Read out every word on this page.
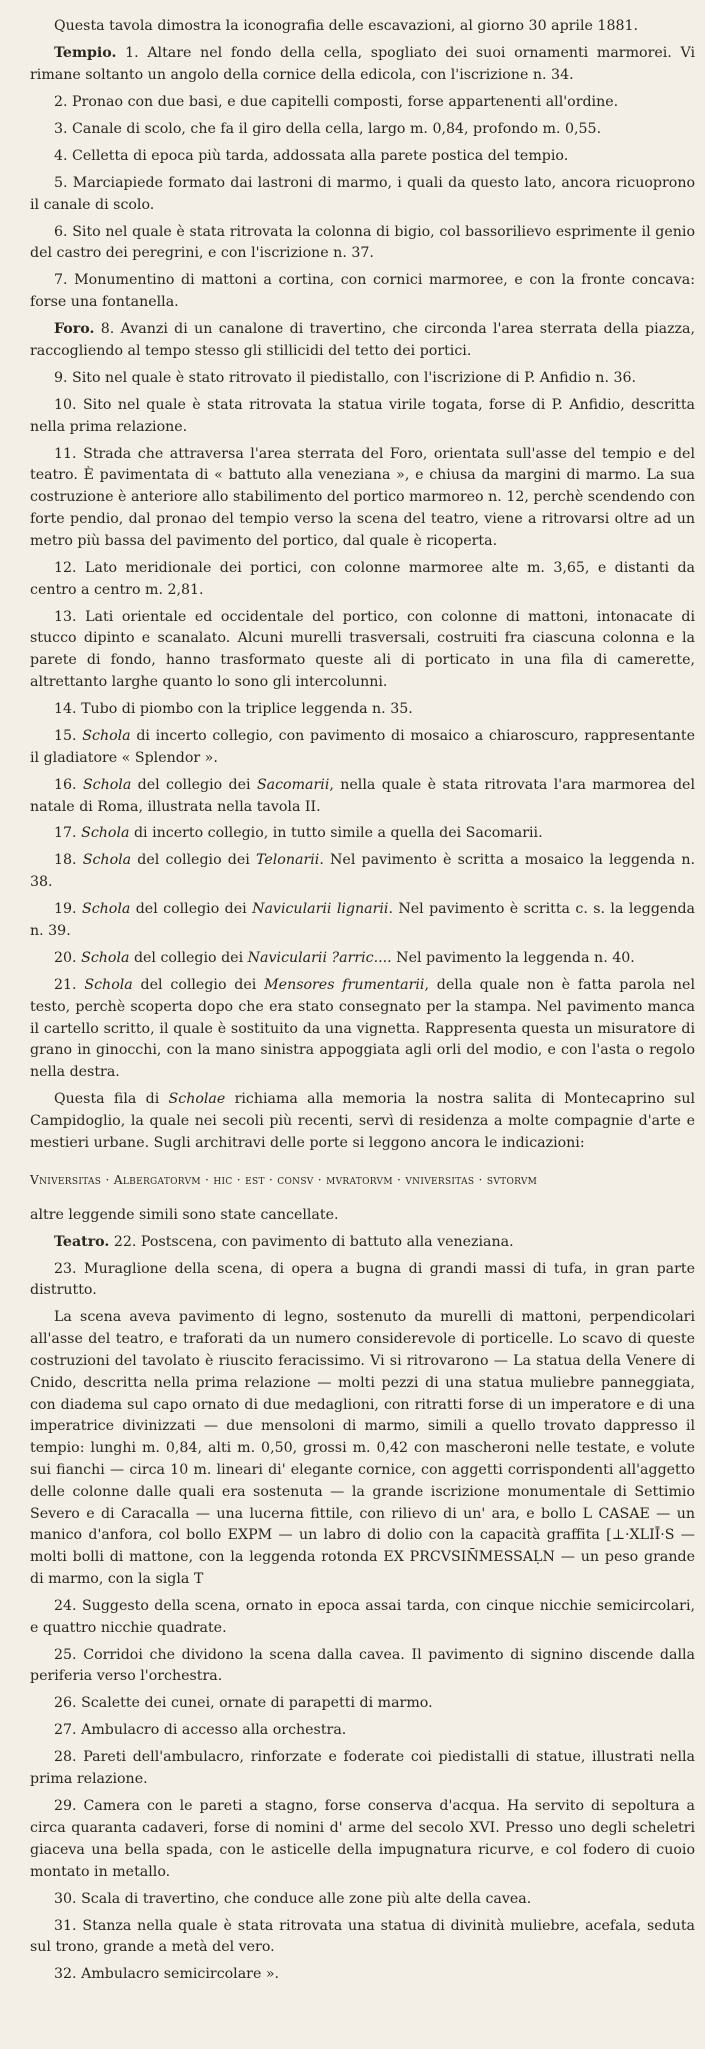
Questa tavola dimostra la iconografia delle escavazioni, al giorno 30 aprile 1881.

Tempio. 1. Altare nel fondo della cella, spogliato dei suoi ornamenti marmorei. Vi rimane soltanto un angolo della cornice della edicola, con l'iscrizione n. 34.

2. Pronao con due basi, e due capitelli composti, forse appartenenti all'ordine.

3. Canale di scolo, che fa il giro della cella, largo m. 0,84, profondo m. 0,55.

4. Celletta di epoca più tarda, addossata alla parete postica del tempio.

5. Marciapiede formato dai lastroni di marmo, i quali da questo lato, ancora ricuoprono il canale di scolo.

6. Sito nel quale è stata ritrovata la colonna di bigio, col bassorilievo esprimente il genio del castro dei peregrini, e con l'iscrizione n. 37.

7. Monumentino di mattoni a cortina, con cornici marmoree, e con la fronte concava: forse una fontanella.

Foro. 8. Avanzi di un canalone di travertino, che circonda l'area sterrata della piazza, raccogliendo al tempo stesso gli stillicidi del tetto dei portici.

9. Sito nel quale è stato ritrovato il piedistallo, con l'iscrizione di P. Anfidio n. 36.

10. Sito nel quale è stata ritrovata la statua virile togata, forse di P. Anfidio, descritta nella prima relazione.

11. Strada che attraversa l'area sterrata del Foro, orientata sull'asse del tempio e del teatro. È pavimentata di « battuto alla veneziana », e chiusa da margini di marmo. La sua costruzione è anteriore allo stabilimento del portico marmoreo n. 12, perchè scendendo con forte pendio, dal pronao del tempio verso la scena del teatro, viene a ritrovarsi oltre ad un metro più bassa del pavimento del portico, dal quale è ricoperta.

12. Lato meridionale dei portici, con colonne marmoree alte m. 3,65, e distanti da centro a centro m. 2,81.

13. Lati orientale ed occidentale del portico, con colonne di mattoni, intonacate di stucco dipinto e scanalato. Alcuni murelli trasversali, costruiti fra ciascuna colonna e la parete di fondo, hanno trasformato queste ali di porticato in una fila di camerette, altrettanto larghe quanto lo sono gli intercolunni.

14. Tubo di piombo con la triplice leggenda n. 35.

15. Schola di incerto collegio, con pavimento di mosaico a chiaroscuro, rappresentante il gladiatore « Splendor ».

16. Schola del collegio dei Sacomarii, nella quale è stata ritrovata l'ara marmorea del natale di Roma, illustrata nella tavola II.

17. Schola di incerto collegio, in tutto simile a quella dei Sacomarii.

18. Schola del collegio dei Telonarii. Nel pavimento è scritta a mosaico la leggenda n. 38.

19. Schola del collegio dei Navicularii lignarii. Nel pavimento è scritta c. s. la leggenda n. 39.

20. Schola del collegio dei Navicularii ?arric.... Nel pavimento la leggenda n. 40.

21. Schola del collegio dei Mensores frumentarii, della quale non è fatta parola nel testo, perchè scoperta dopo che era stato consegnato per la stampa. Nel pavimento manca il cartello scritto, il quale è sostituito da una vignetta. Rappresenta questa un misuratore di grano in ginocchi, con la mano sinistra appoggiata agli orli del modio, e con l'asta o regolo nella destra.

Questa fila di Scholae richiama alla memoria la nostra salita di Montecaprino sul Campidoglio, la quale nei secoli più recenti, servì di residenza a molte compagnie d'arte e mestieri urbane. Sugli architravi delle porte si leggono ancora le indicazioni:

Vniversitas · Albergatorvm · hic · est · consv · mvratorvm · vniversitas · svtorvm

altre leggende simili sono state cancellate.

Teatro. 22. Postscena, con pavimento di battuto alla veneziana.

23. Muraglione della scena, di opera a bugna di grandi massi di tufa, in gran parte distrutto.

La scena aveva pavimento di legno, sostenuto da murelli di mattoni, perpendicolari all'asse del teatro, e traforati da un numero considerevole di porticelle. Lo scavo di queste costruzioni del tavolato è riuscito feracissimo. Vi si ritrovarono — La statua della Venere di Cnido, descritta nella prima relazione — molti pezzi di una statua muliebre panneggiata, con diadema sul capo ornato di due medaglioni, con ritratti forse di un imperatore e di una imperatrice divinizzati — due mensoloni di marmo, simili a quello trovato dappresso il tempio: lunghi m. 0,84, alti m. 0,50, grossi m. 0,42 con mascheroni nelle testate, e volute sui fianchi — circa 10 m. lineari di' elegante cornice, con aggetti corrispondenti all'aggetto delle colonne dalle quali era sostenuta — la grande iscrizione monumentale di Settimio Severo e di Caracalla — una lucerna fittile, con rilievo di un' ara, e bollo L CASAE — un manico d'anfora, col bollo EXPM — un labro di dolio con la capacità graffita [⊥·XLIĪ·S — molti bolli di mattone, con la leggenda rotonda EX PRCVSIN̄MESSAḶN — un peso grande di marmo, con la sigla T

24. Suggesto della scena, ornato in epoca assai tarda, con cinque nicchie semicircolari, e quattro nicchie quadrate.

25. Corridoi che dividono la scena dalla cavea. Il pavimento di signino discende dalla periferia verso l'orchestra.

26. Scalette dei cunei, ornate di parapetti di marmo.

27. Ambulacro di accesso alla orchestra.

28. Pareti dell'ambulacro, rinforzate e foderate coi piedistalli di statue, illustrati nella prima relazione.

29. Camera con le pareti a stagno, forse conserva d'acqua. Ha servito di sepoltura a circa quaranta cadaveri, forse di nomini d' arme del secolo XVI. Presso uno degli scheletri giaceva una bella spada, con le asticelle della impugnatura ricurve, e col fodero di cuoio montato in metallo.

30. Scala di travertino, che conduce alle zone più alte della cavea.

31. Stanza nella quale è stata ritrovata una statua di divinità muliebre, acefala, seduta sul trono, grande a metà del vero.

32. Ambulacro semicircolare ».
